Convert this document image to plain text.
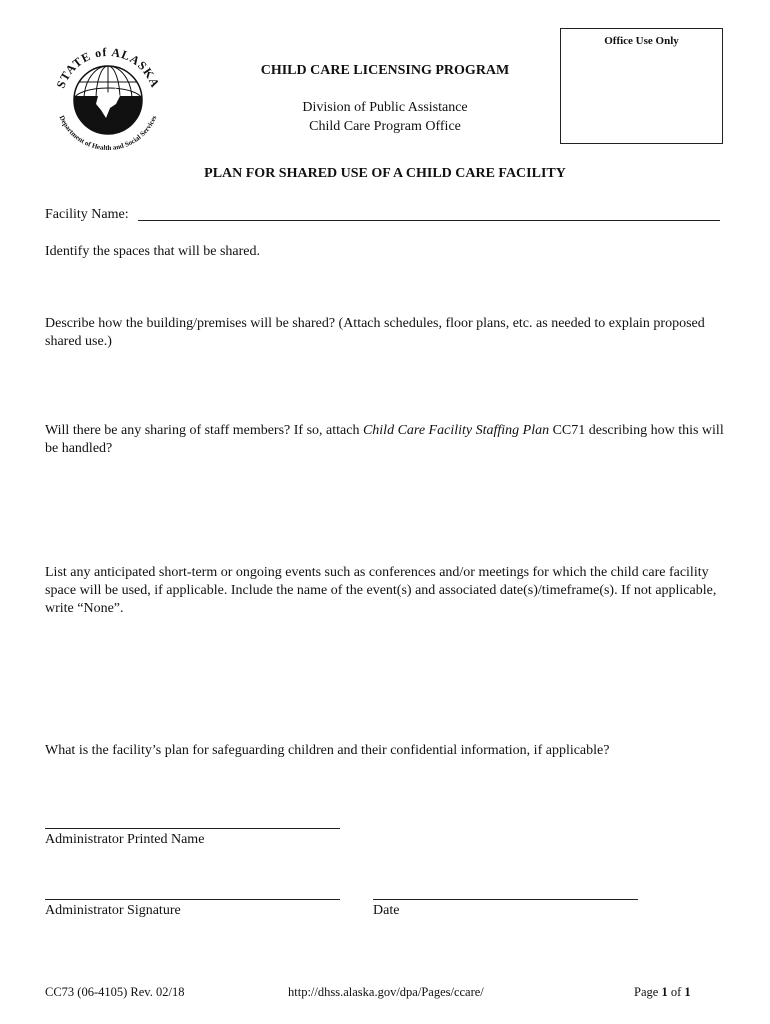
Office Use Only
STATE of ALASKA
Department of Health and Social Services
CHILD CARE LICENSING PROGRAM
Division of Public Assistance
Child Care Program Office
PLAN FOR SHARED USE OF A CHILD CARE FACILITY
Facility Name:
Identify the spaces that will be shared.
Describe how the building/premises will be shared? (Attach schedules, floor plans, etc. as needed to explain proposed shared use.)
Will there be any sharing of staff members? If so, attach Child Care Facility Staffing Plan CC71 describing how this will be handled?
List any anticipated short-term or ongoing events such as conferences and/or meetings for which the child care facility space will be used, if applicable. Include the name of the event(s) and associated date(s)/timeframe(s). If not applicable, write “None”.
What is the facility’s plan for safeguarding children and their confidential information, if applicable?
Administrator Printed Name
Administrator Signature	Date
CC73 (06-4105) Rev. 02/18	http://dhss.alaska.gov/dpa/Pages/ccare/	Page 1 of 1
